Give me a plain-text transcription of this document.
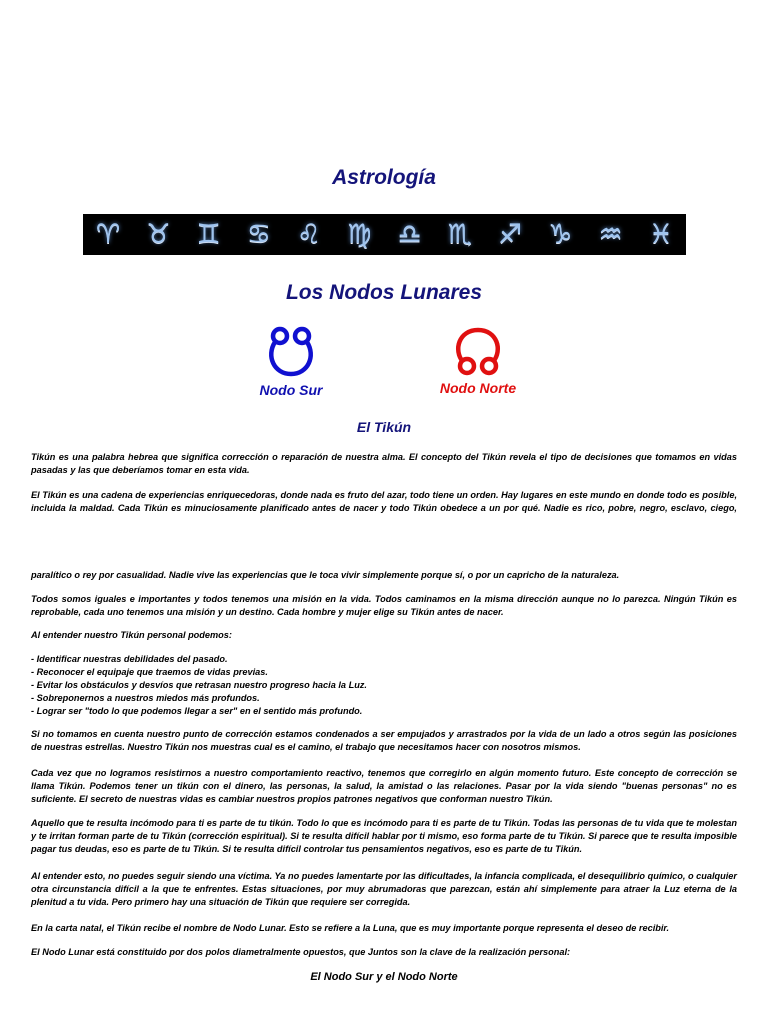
Astrología
♈ ♉ ♊ ♋ ♌ ♍ ♎ ♏ ♐ ♑ ♒ ♓
Los Nodos Lunares
Nodo Sur	Nodo Norte
El Tikún

Tikún es una palabra hebrea que significa corrección o reparación de nuestra alma. El concepto del Tikún revela el tipo de decisiones que tomamos en vidas pasadas y las que deberíamos tomar en esta vida.

El Tikún es una cadena de experiencias enriquecedoras, donde nada es fruto del azar, todo tiene un orden. Hay lugares en este mundo en donde todo es posible, incluida la maldad. Cada Tikún es minuciosamente planificado antes de nacer y todo Tikún obedece a un por qué. Nadie es rico, pobre, negro, esclavo, ciego,

paralítico o rey por casualidad. Nadie vive las experiencias que le toca vivir simplemente porque sí, o por un capricho de la naturaleza.

Todos somos iguales e importantes y todos tenemos una misión en la vida. Todos caminamos en la misma dirección aunque no lo parezca. Ningún Tikún es reprobable, cada uno tenemos una misión y un destino. Cada hombre y mujer elige su Tikún antes de nacer.

Al entender nuestro Tikún personal podemos:

- Identificar nuestras debilidades del pasado.
- Reconocer el equipaje que traemos de vidas previas.
- Evitar los obstáculos y desvíos que retrasan nuestro progreso hacia la Luz.
- Sobreponernos a nuestros miedos más profundos.
- Lograr ser "todo lo que podemos llegar a ser" en el sentido más profundo.

Si no tomamos en cuenta nuestro punto de corrección estamos condenados a ser empujados y arrastrados por la vida de un lado a otros según las posiciones de nuestras estrellas. Nuestro Tikún nos muestras cual es el camino, el trabajo que necesitamos hacer con nosotros mismos.

Cada vez que no logramos resistirnos a nuestro comportamiento reactivo, tenemos que corregirlo en algún momento futuro. Este concepto de corrección se llama Tikún. Podemos tener un tikún con el dinero, las personas, la salud, la amistad o las relaciones. Pasar por la vida siendo "buenas personas" no es suficiente. El secreto de nuestras vidas es cambiar nuestros propios patrones negativos que conforman nuestro Tikún.

Aquello que te resulta incómodo para ti es parte de tu tikún. Todo lo que es incómodo para ti es parte de tu Tikún. Todas las personas de tu vida que te molestan y te irritan forman parte de tu Tikún (corrección espiritual). Si te resulta difícil hablar por ti mismo, eso forma parte de tu Tikún. Si parece que te resulta imposible pagar tus deudas, eso es parte de tu Tikún. Si te resulta difícil controlar tus pensamientos negativos, eso es parte de tu Tikún.

Al entender esto, no puedes seguir siendo una víctima. Ya no puedes lamentarte por las dificultades, la infancia complicada, el desequilibrio químico, o cualquier otra circunstancia difícil a la que te enfrentes. Estas situaciones, por muy abrumadoras que parezcan, están ahí simplemente para atraer la Luz eterna de la plenitud a tu vida. Pero primero hay una situación de Tikún que requiere ser corregida.

En la carta natal, el Tikún recibe el nombre de Nodo Lunar. Esto se refiere a la Luna, que es muy importante porque representa el deseo de recibir.

El Nodo Lunar está constituido por dos polos diametralmente opuestos, que Juntos son la clave de la realización personal:

El Nodo Sur y el Nodo Norte
